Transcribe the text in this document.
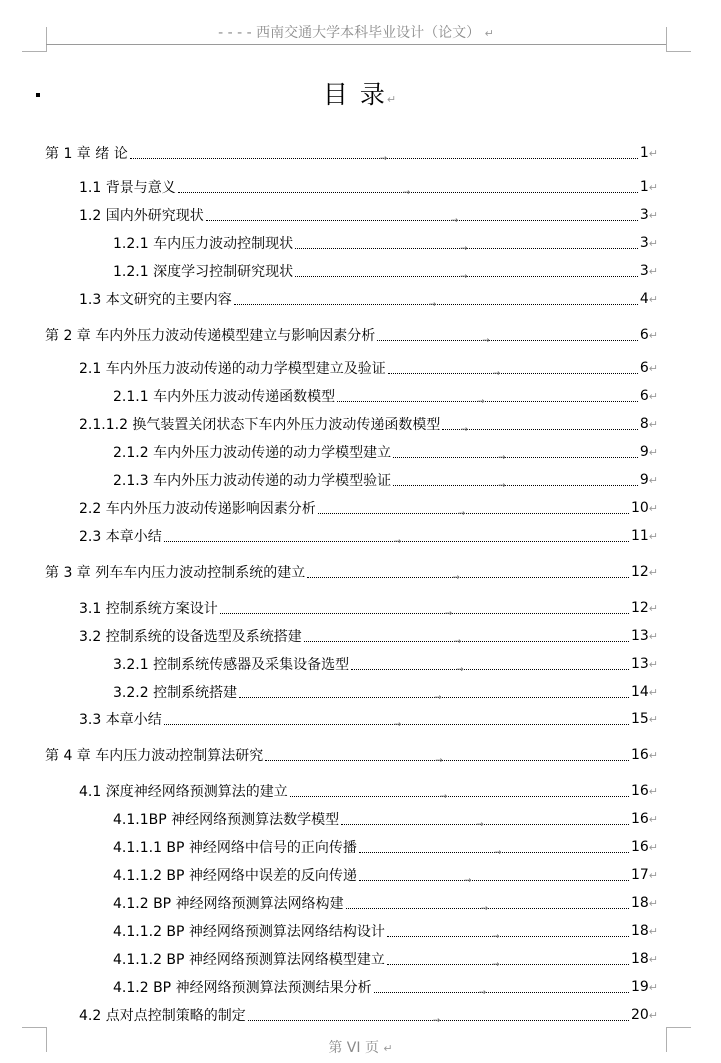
- - - - 西南交通大学本科毕业设计（论文） ↵
目 录↵
第 1 章 绪 论	→	1↵
1.1 背景与意义	→	1↵
1.2 国内外研究现状	→	3↵
1.2.1 车内压力波动控制现状	→	3↵
1.2.1 深度学习控制研究现状	→	3↵
1.3 本文研究的主要内容	→	4↵
第 2 章 车内外压力波动传递模型建立与影响因素分析	→	6↵
2.1 车内外压力波动传递的动力学模型建立及验证	→	6↵
2.1.1 车内外压力波动传递函数模型	→	6↵
2.1.1.2 换气装置关闭状态下车内外压力波动传递函数模型 →	8↵
2.1.2 车内外压力波动传递的动力学模型建立	→	9↵
2.1.3 车内外压力波动传递的动力学模型验证	→	9↵
2.2 车内外压力波动传递影响因素分析	→	10↵
2.3 本章小结	→	11↵
第 3 章 列车车内压力波动控制系统的建立	→	12↵
3.1 控制系统方案设计	→	12↵
3.2 控制系统的设备选型及系统搭建	→	13↵
3.2.1 控制系统传感器及采集设备选型	→	13↵
3.2.2 控制系统搭建	→	14↵
3.3 本章小结	→	15↵
第 4 章 车内压力波动控制算法研究	→	16↵
4.1 深度神经网络预测算法的建立	→	16↵
4.1.1BP 神经网络预测算法数学模型	→	16↵
4.1.1.1 BP 神经网络中信号的正向传播	→	16↵
4.1.1.2 BP 神经网络中误差的反向传递	→	17↵
4.1.2 BP 神经网络预测算法网络构建	→	18↵
4.1.1.2 BP 神经网络预测算法网络结构设计	→	18↵
4.1.1.2 BP 神经网络预测算法网络模型建立	→	18↵
4.1.2 BP 神经网络预测算法预测结果分析	→	19↵
4.2 点对点控制策略的制定	→	20↵
第 VI 页 ↵
